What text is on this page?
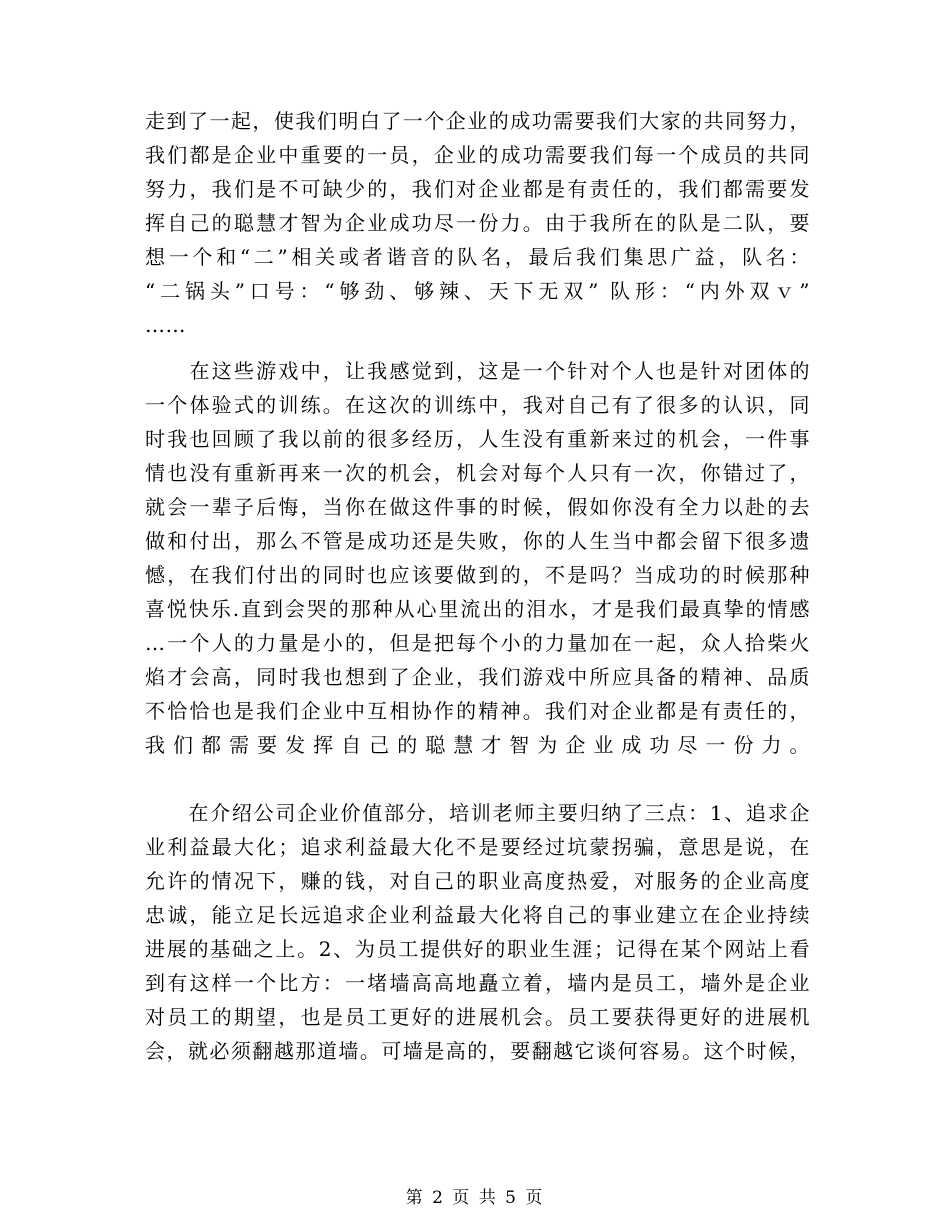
走到了一起，使我们明白了一个企业的成功需要我们大家的共同努力，
我们都是企业中重要的一员，企业的成功需要我们每一个成员的共同
努力，我们是不可缺少的，我们对企业都是有责任的，我们都需要发
挥自己的聪慧才智为企业成功尽一份力。由于我所在的队是二队，要
想一个和“二”相关或者谐音的队名，最后我们集思广益，队名：
“二锅头”口号：“够劲、够辣、天下无双” 队形：“内外双ｖ”
……
　　在这些游戏中，让我感觉到，这是一个针对个人也是针对团体的
一个体验式的训练。在这次的训练中，我对自己有了很多的认识，同
时我也回顾了我以前的很多经历，人生没有重新来过的机会，一件事
情也没有重新再来一次的机会，机会对每个人只有一次，你错过了，
就会一辈子后悔，当你在做这件事的时候，假如你没有全力以赴的去
做和付出，那么不管是成功还是失败，你的人生当中都会留下很多遗
憾，在我们付出的同时也应该要做到的，不是吗？当成功的时候那种
喜悦快乐.直到会哭的那种从心里流出的泪水，才是我们最真挚的情感
…一个人的力量是小的，但是把每个小的力量加在一起，众人拾柴火
焰才会高，同时我也想到了企业，我们游戏中所应具备的精神、品质
不恰恰也是我们企业中互相协作的精神。我们对企业都是有责任的，
我们都需要发挥自己的聪慧才智为企业成功尽一份力。
　　在介绍公司企业价值部分，培训老师主要归纳了三点：1、追求企
业利益最大化；追求利益最大化不是要经过坑蒙拐骗，意思是说，在
允许的情况下，赚的钱，对自己的职业高度热爱，对服务的企业高度
忠诚，能立足长远追求企业利益最大化将自己的事业建立在企业持续
进展的基础之上。2、为员工提供好的职业生涯；记得在某个网站上看
到有这样一个比方：一堵墙高高地矗立着，墙内是员工，墙外是企业
对员工的期望，也是员工更好的进展机会。员工要获得更好的进展机
会，就必须翻越那道墙。可墙是高的，要翻越它谈何容易。这个时候，
第 2 页 共 5 页
